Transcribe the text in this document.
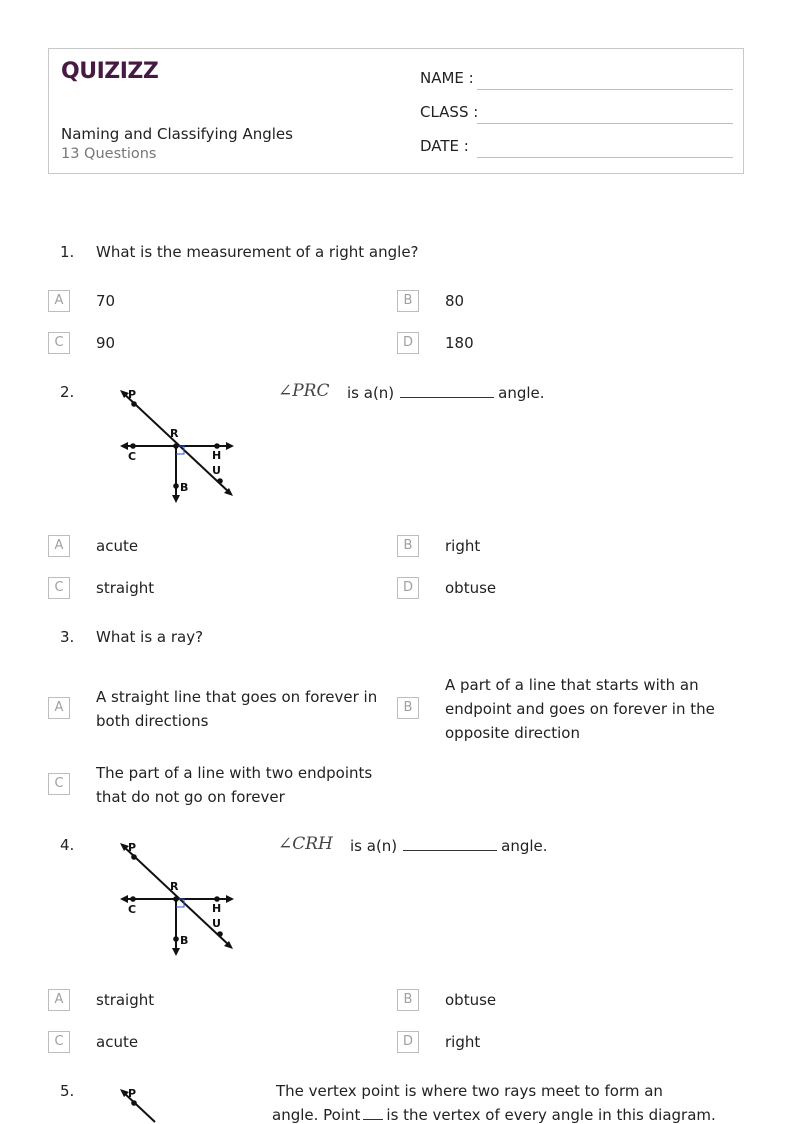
QUIZIZZ
Naming and Classifying Angles
13 Questions
NAME :
CLASS :
DATE :
1. What is the measurement of a right angle?
A	70	B	80
C	90	D	180
2.	P
R
C	H
U
B
∠PRC is a(n)	angle.
A	acute	B	right
C	straight	D	obtuse
3. What is a ray?
A
A straight line that goes on forever in both directions
B
A part of a line that starts with an endpoint and goes on forever in the opposite direction
C
The part of a line with two endpoints that do not go on forever
4.	P
R
C	H
U
B
∠CRH is a(n)	angle.
A	straight	B	obtuse
C	acute	D	right
5.	P	The vertex point is where two rays meet to form an
angle. Point is the vertex of every angle in this diagram.
